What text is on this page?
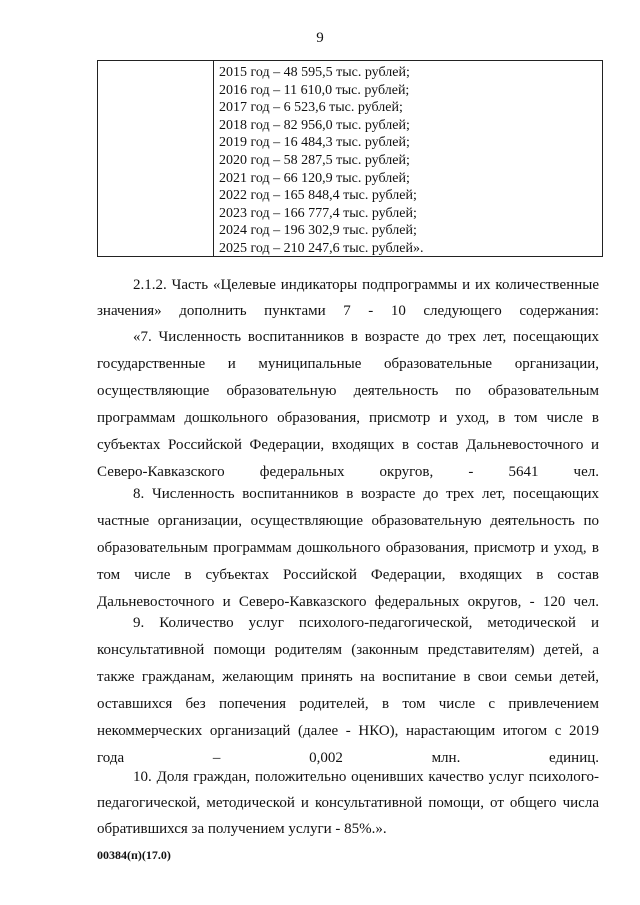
9
2015 год – 48 595,5 тыс. рублей;
2016 год – 11 610,0 тыс. рублей;
2017 год – 6 523,6 тыс. рублей;
2018 год – 82 956,0 тыс. рублей;
2019 год – 16 484,3 тыс. рублей;
2020 год – 58 287,5 тыс. рублей;
2021 год – 66 120,9 тыс. рублей;
2022 год – 165 848,4 тыс. рублей;
2023 год – 166 777,4 тыс. рублей;
2024 год – 196 302,9 тыс. рублей;
2025 год – 210 247,6 тыс. рублей».

2.1.2. Часть «Целевые индикаторы подпрограммы и их количественные значения» дополнить пунктами 7 - 10 следующего содержания:

«7. Численность воспитанников в возрасте до трех лет, посещающих государственные и муниципальные образовательные организации, осуществляющие образовательную деятельность по образовательным программам дошкольного образования, присмотр и уход, в том числе в субъектах Российской Федерации, входящих в состав Дальневосточного и Северо-Кавказского федеральных округов, - 5641 чел.

8. Численность воспитанников в возрасте до трех лет, посещающих частные организации, осуществляющие образовательную деятельность по образовательным программам дошкольного образования, присмотр и уход, в том числе в субъектах Российской Федерации, входящих в состав Дальневосточного и Северо-Кавказского федеральных округов, - 120 чел.

9. Количество услуг психолого-педагогической, методической и консультативной помощи родителям (законным представителям) детей, а также гражданам, желающим принять на воспитание в свои семьи детей, оставшихся без попечения родителей, в том числе с привлечением некоммерческих организаций (далее - НКО), нарастающим итогом с 2019 года – 0,002 млн. единиц.

10. Доля граждан, положительно оценивших качество услуг психолого-педагогической, методической и консультативной помощи, от общего числа обратившихся за получением услуги - 85%.».

00384(п)(17.0)
